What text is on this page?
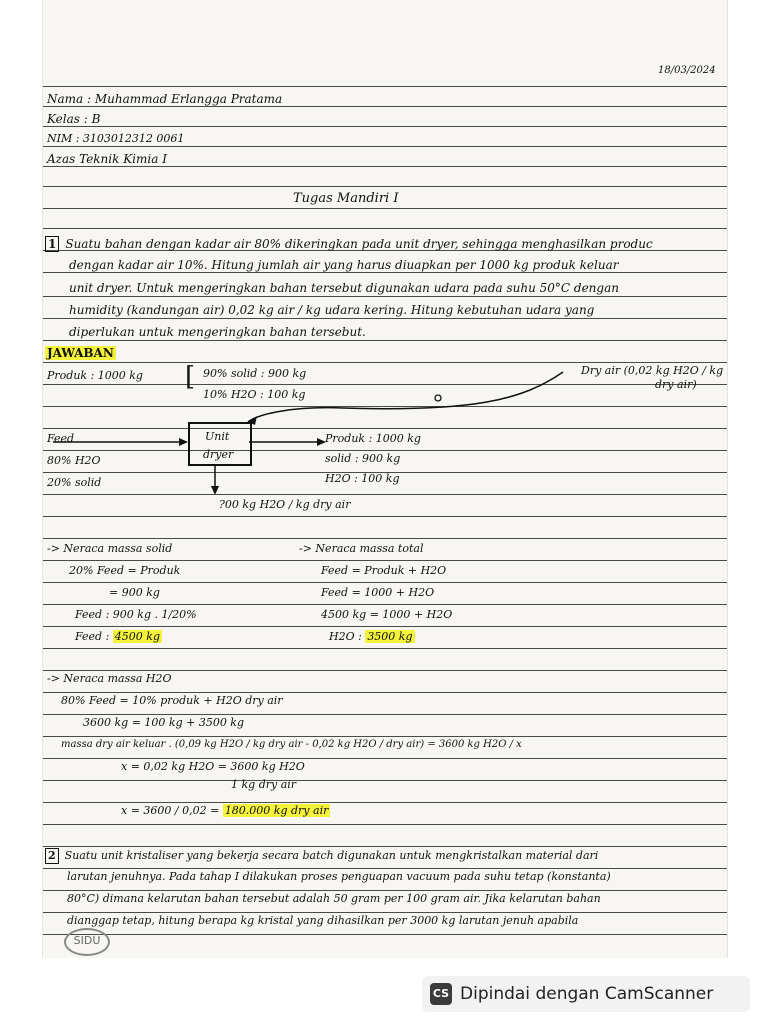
18/03/2024
Nama : Muhammad Erlangga Pratama
Kelas : B
NIM : 3103012312 0061
Azas Teknik Kimia I
Tugas Mandiri I
1 Suatu bahan dengan kadar air 80% dikeringkan pada unit dryer, sehingga menghasilkan produc
dengan kadar air 10%. Hitung jumlah air yang harus diuapkan per 1000 kg produk keluar
unit dryer. Untuk mengeringkan bahan tersebut digunakan udara pada suhu 50°C dengan
humidity (kandungan air) 0,02 kg air / kg udara kering. Hitung kebutuhan udara yang
diperlukan untuk mengeringkan bahan tersebut.
JAWABAN
Produk : 1000 kg [ 90% solid : 900 kg
10% H2O : 100 kg
Dry air (0,02 kg H2O / kg
dry air)
Unit
dryer
Feed
80% H2O
20% solid
Produk : 1000 kg
solid : 900 kg
H2O : 100 kg
?00 kg H2O / kg dry air
-> Neraca massa solid
20% Feed = Produk
= 900 kg
Feed : 900 kg . 1/20%
Feed : 4500 kg
-> Neraca massa total
Feed = Produk + H2O
Feed = 1000 + H2O
4500 kg = 1000 + H2O
H2O : 3500 kg
-> Neraca massa H2O
80% Feed = 10% produk + H2O dry air
3600 kg = 100 kg + 3500 kg
massa dry air keluar . (0,09 kg H2O / kg dry air - 0,02 kg H2O / dry air) = 3600 kg H2O / x
x = 0,02 kg H2O = 3600 kg H2O
1 kg dry air
x = 3600 / 0,02 = 180.000 kg dry air
2 Suatu unit kristaliser yang bekerja secara batch digunakan untuk mengkristalkan material dari
larutan jenuhnya. Pada tahap I dilakukan proses penguapan vacuum pada suhu tetap (konstanta)
80°C) dimana kelarutan bahan tersebut adalah 50 gram per 100 gram air. Jika kelarutan bahan
dianggap tetap, hitung berapa kg kristal yang dihasilkan per 3000 kg larutan jenuh apabila
SIDU
CS Dipindai dengan CamScanner
